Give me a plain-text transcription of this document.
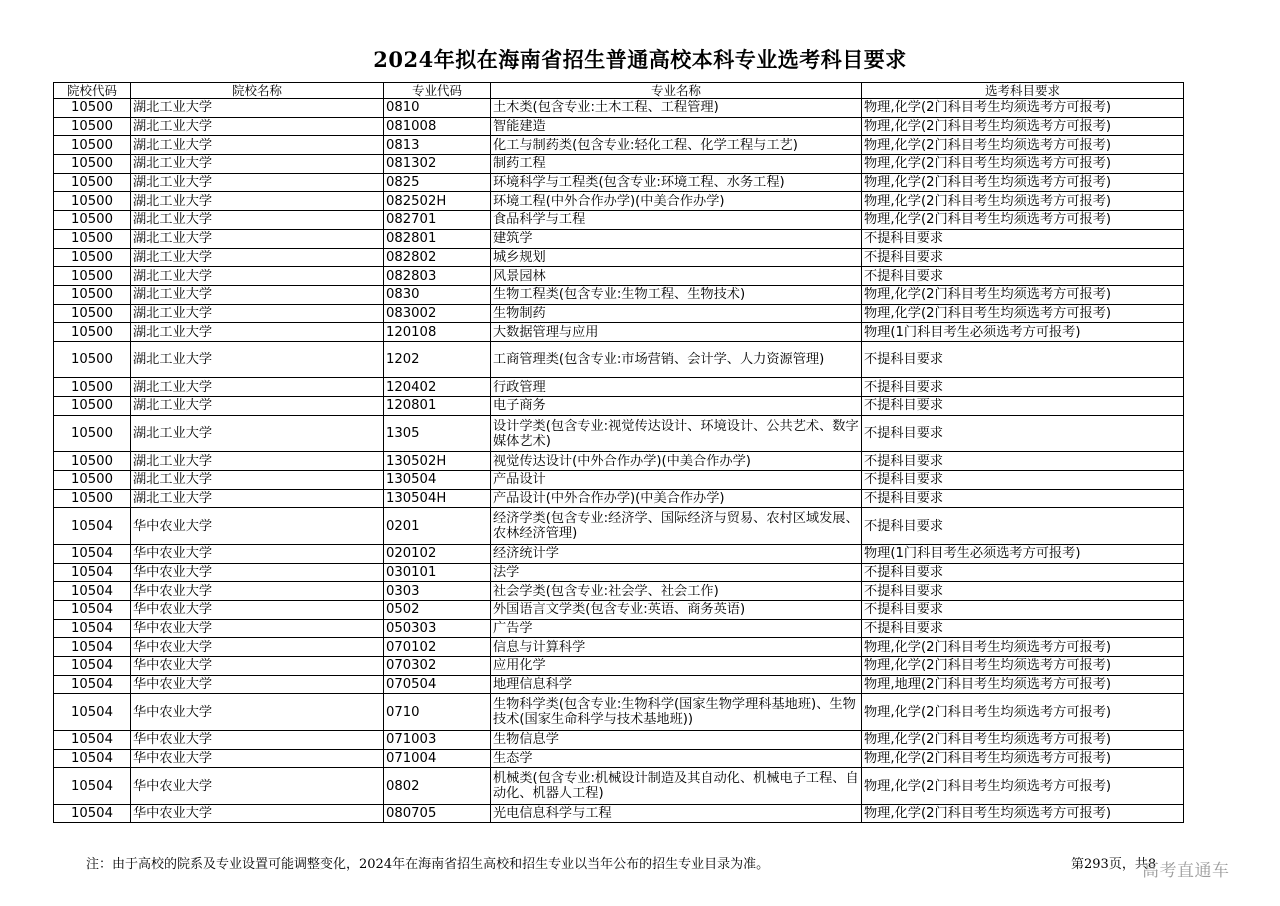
2024年拟在海南省招生普通高校本科专业选考科目要求
院校代码	院校名称	专业代码	专业名称	选考科目要求
10500	湖北工业大学	0810	土木类(包含专业:土木工程、工程管理)	物理,化学(2门科目考生均须选考方可报考)
10500	湖北工业大学	081008	智能建造	物理,化学(2门科目考生均须选考方可报考)
10500	湖北工业大学	0813	化工与制药类(包含专业:轻化工程、化学工程与工艺)	物理,化学(2门科目考生均须选考方可报考)
10500	湖北工业大学	081302	制药工程	物理,化学(2门科目考生均须选考方可报考)
10500	湖北工业大学	0825	环境科学与工程类(包含专业:环境工程、水务工程)	物理,化学(2门科目考生均须选考方可报考)
10500	湖北工业大学	082502H	环境工程(中外合作办学)(中美合作办学)	物理,化学(2门科目考生均须选考方可报考)
10500	湖北工业大学	082701	食品科学与工程	物理,化学(2门科目考生均须选考方可报考)
10500	湖北工业大学	082801	建筑学	不提科目要求
10500	湖北工业大学	082802	城乡规划	不提科目要求
10500	湖北工业大学	082803	风景园林	不提科目要求
10500	湖北工业大学	0830	生物工程类(包含专业:生物工程、生物技术)	物理,化学(2门科目考生均须选考方可报考)
10500	湖北工业大学	083002	生物制药	物理,化学(2门科目考生均须选考方可报考)
10500	湖北工业大学	120108	大数据管理与应用	物理(1门科目考生必须选考方可报考)
10500	湖北工业大学	1202	工商管理类(包含专业:市场营销、会计学、人力资源管理)	不提科目要求
10500	湖北工业大学	120402	行政管理	不提科目要求
10500	湖北工业大学	120801	电子商务	不提科目要求
10500	湖北工业大学	1305	设计学类(包含专业:视觉传达设计、环境设计、公共艺术、数字媒体艺术)	不提科目要求
10500	湖北工业大学	130502H	视觉传达设计(中外合作办学)(中美合作办学)	不提科目要求
10500	湖北工业大学	130504	产品设计	不提科目要求
10500	湖北工业大学	130504H	产品设计(中外合作办学)(中美合作办学)	不提科目要求
10504	华中农业大学	0201	经济学类(包含专业:经济学、国际经济与贸易、农村区域发展、农林经济管理)	不提科目要求
10504	华中农业大学	020102	经济统计学	物理(1门科目考生必须选考方可报考)
10504	华中农业大学	030101	法学	不提科目要求
10504	华中农业大学	0303	社会学类(包含专业:社会学、社会工作)	不提科目要求
10504	华中农业大学	0502	外国语言文学类(包含专业:英语、商务英语)	不提科目要求
10504	华中农业大学	050303	广告学	不提科目要求
10504	华中农业大学	070102	信息与计算科学	物理,化学(2门科目考生均须选考方可报考)
10504	华中农业大学	070302	应用化学	物理,化学(2门科目考生均须选考方可报考)
10504	华中农业大学	070504	地理信息科学	物理,地理(2门科目考生均须选考方可报考)
10504	华中农业大学	0710	生物科学类(包含专业:生物科学(国家生物学理科基地班)、生物技术(国家生命科学与技术基地班))	物理,化学(2门科目考生均须选考方可报考)
10504	华中农业大学	071003	生物信息学	物理,化学(2门科目考生均须选考方可报考)
10504	华中农业大学	071004	生态学	物理,化学(2门科目考生均须选考方可报考)
10504	华中农业大学	0802	机械类(包含专业:机械设计制造及其自动化、机械电子工程、自动化、机器人工程)	物理,化学(2门科目考生均须选考方可报考)
10504	华中农业大学	080705	光电信息科学与工程	物理,化学(2门科目考生均须选考方可报考)
注：由于高校的院系及专业设置可能调整变化，2024年在海南省招生高校和招生专业以当年公布的招生专业目录为准。	第293页，共8
高考直通车
